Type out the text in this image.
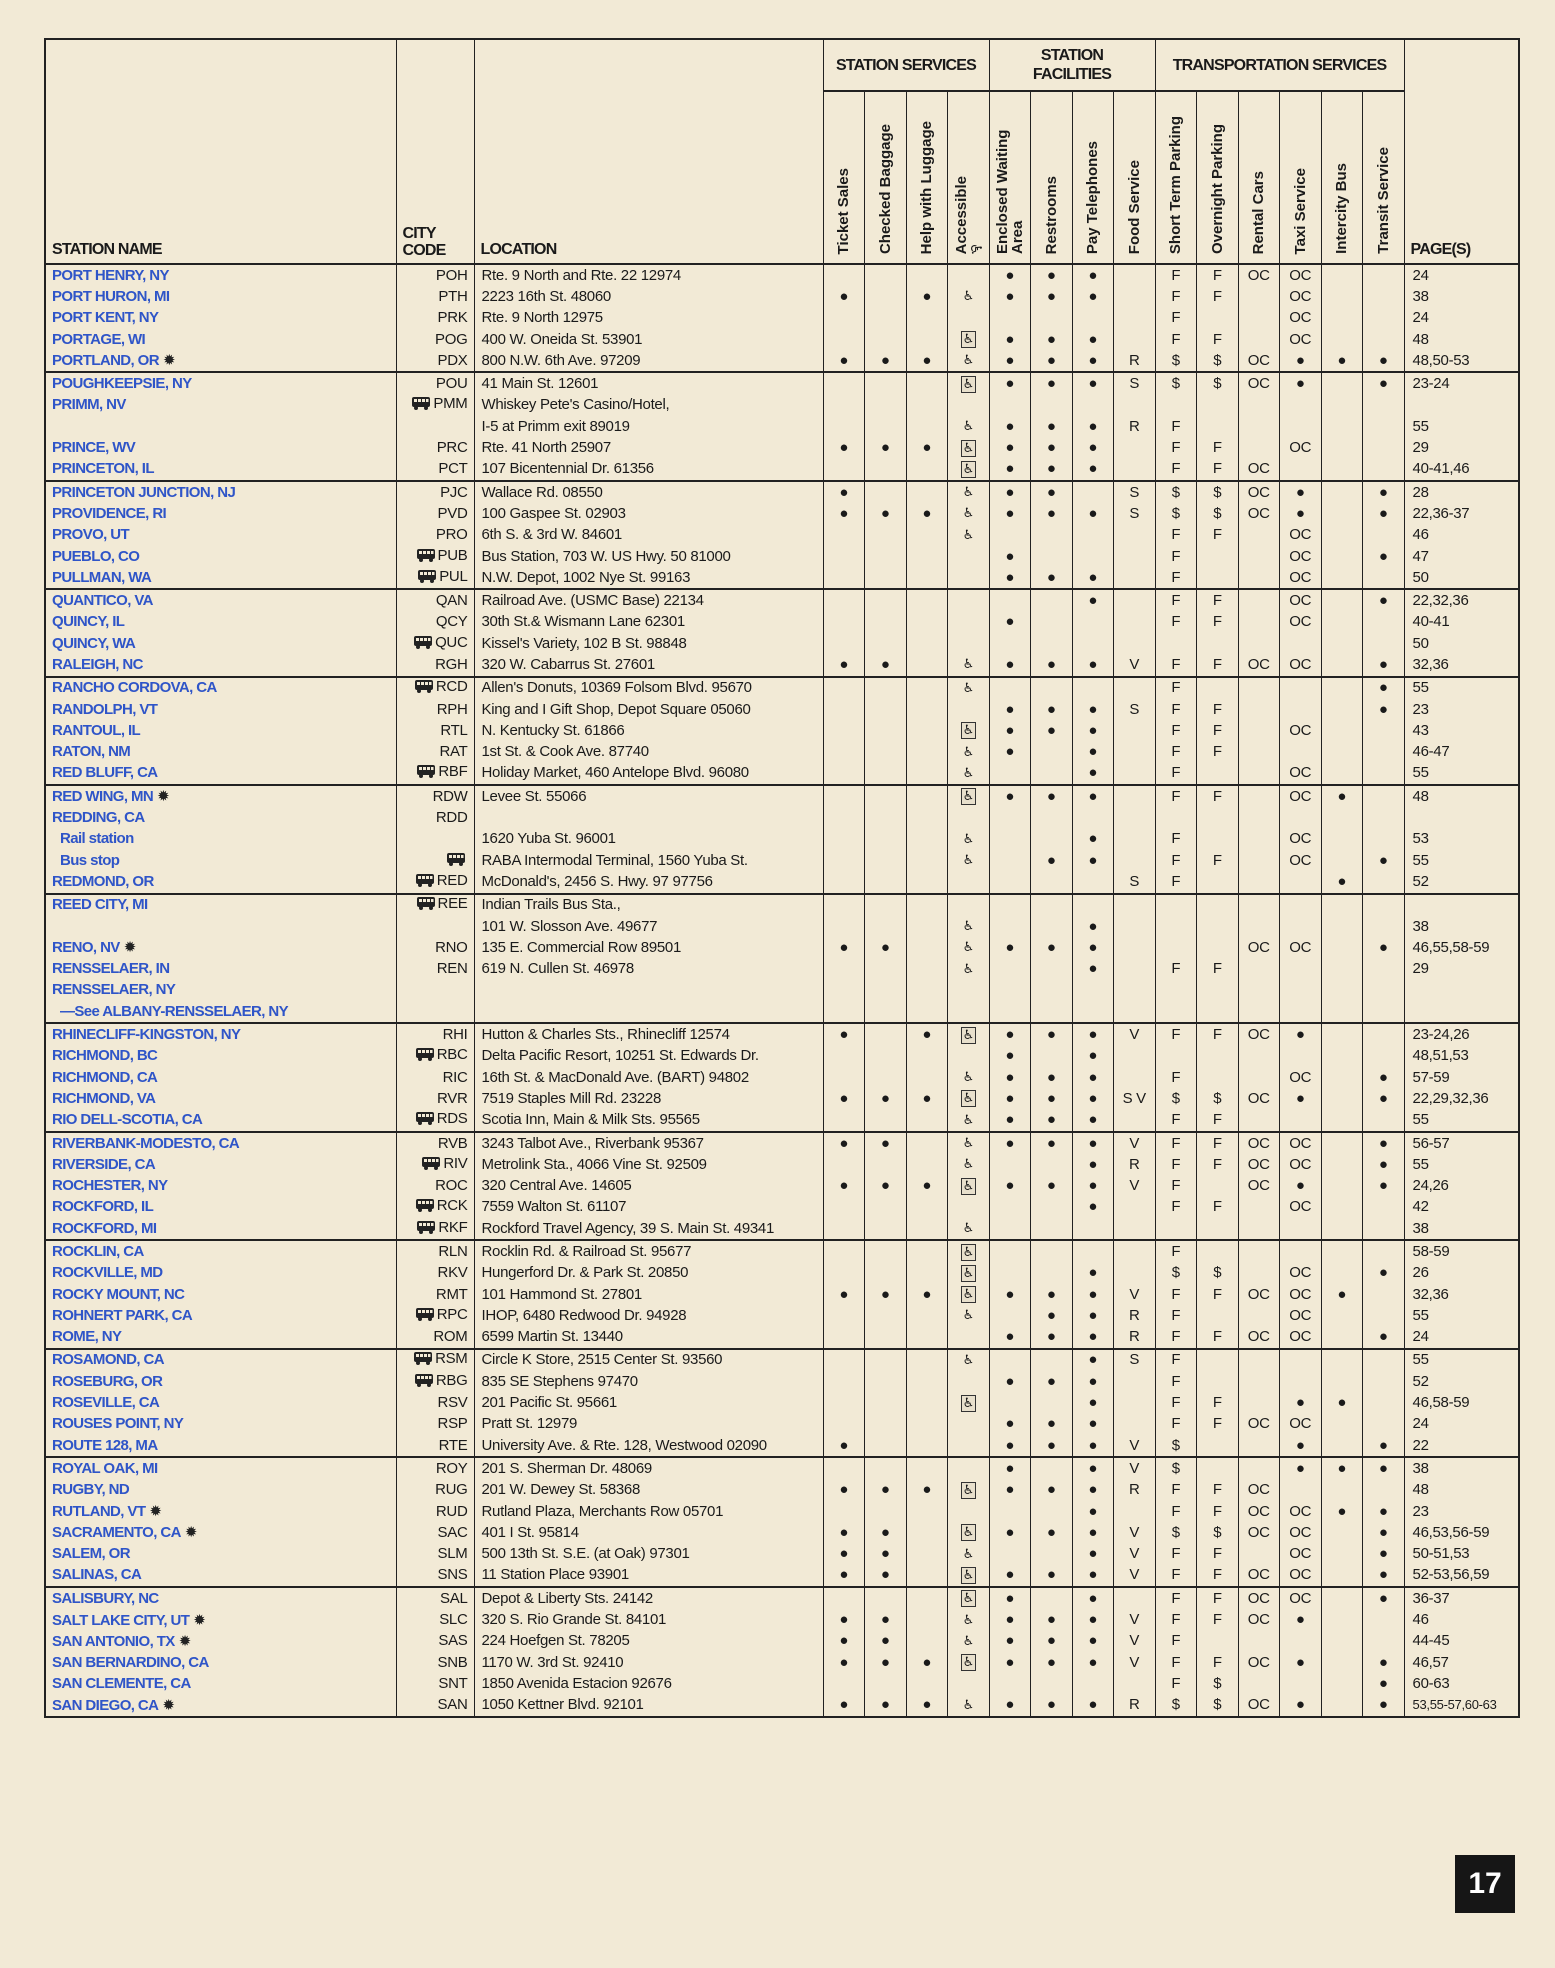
STATION NAME	CITY CODE	LOCATION	STATION SERVICES				STATION FACILITIES				TRANSPORTATION SERVICES						PAGE(S)
			Ticket Sales	Checked Baggage	Help with Luggage	Accessible♿	Enclosed Waiting Area	Restrooms	Pay Telephones	Food Service	Short Term Parking	Overnight Parking	Rental Cars	Taxi Service	Intercity Bus	Transit Service	
PORT HENRY, NY	POH	Rte. 9 North and Rte. 22 12974					●	●	●		F	F	OC	OC			24
PORT HURON, MI	PTH	2223 16th St. 48060	●		●	♿	●	●	●		F	F		OC			38
PORT KENT, NY	PRK	Rte. 9 North 12975									F			OC			24
PORTAGE, WI	POG	400 W. Oneida St. 53901				♿	●	●	●		F	F		OC			48
PORTLAND, OR ✹	PDX	800 N.W. 6th Ave. 97209	●	●	●	♿	●	●	●	R	$	$	OC	●	●	●	48,50-53
POUGHKEEPSIE, NY	POU	41 Main St. 12601				♿	●	●	●	S	$	$	OC	●		●	23-24
PRIMM, NV	PMM	Whiskey Pete's Casino/Hotel,															
		I-5 at Primm exit 89019				♿	●	●	●	R	F						55
PRINCE, WV	PRC	Rte. 41 North 25907	●	●	●	♿	●	●	●		F	F		OC			29
PRINCETON, IL	PCT	107 Bicentennial Dr. 61356				♿	●	●	●		F	F	OC				40-41,46
PRINCETON JUNCTION, NJ	PJC	Wallace Rd. 08550	●			♿	●	●		S	$	$	OC	●		●	28
PROVIDENCE, RI	PVD	100 Gaspee St. 02903	●	●	●	♿	●	●	●	S	$	$	OC	●		●	22,36-37
PROVO, UT	PRO	6th S. & 3rd W. 84601				♿					F	F		OC			46
PUEBLO, CO	PUB	Bus Station, 703 W. US Hwy. 50 81000					●				F			OC		●	47
PULLMAN, WA	PUL	N.W. Depot, 1002 Nye St. 99163					●	●	●		F			OC			50
QUANTICO, VA	QAN	Railroad Ave. (USMC Base) 22134							●		F	F		OC		●	22,32,36
QUINCY, IL	QCY	30th St.& Wismann Lane 62301					●				F	F		OC			40-41
QUINCY, WA	QUC	Kissel's Variety, 102 B St. 98848															50
RALEIGH, NC	RGH	320 W. Cabarrus St. 27601	●	●		♿	●	●	●	V	F	F	OC	OC		●	32,36
RANCHO CORDOVA, CA	RCD	Allen's Donuts, 10369 Folsom Blvd. 95670				♿					F					●	55
RANDOLPH, VT	RPH	King and I Gift Shop, Depot Square 05060					●	●	●	S	F	F				●	23
RANTOUL, IL	RTL	N. Kentucky St. 61866				♿	●	●	●		F	F		OC			43
RATON, NM	RAT	1st St. & Cook Ave. 87740				♿	●		●		F	F					46-47
RED BLUFF, CA	RBF	Holiday Market, 460 Antelope Blvd. 96080				♿			●		F			OC			55
RED WING, MN ✹	RDW	Levee St. 55066				♿	●	●	●		F	F		OC	●		48
REDDING, CA	RDD																
Rail station		1620 Yuba St. 96001				♿			●		F			OC			53
Bus stop		RABA Intermodal Terminal, 1560 Yuba St.				♿		●	●		F	F		OC		●	55
REDMOND, OR	RED	McDonald's, 2456 S. Hwy. 97 97756								S	F				●		52
REED CITY, MI	REE	Indian Trails Bus Sta.,															
		101 W. Slosson Ave. 49677				♿			●								38
RENO, NV ✹	RNO	135 E. Commercial Row 89501	●	●		♿	●	●	●				OC	OC		●	46,55,58-59
RENSSELAER, IN	REN	619 N. Cullen St. 46978				♿			●		F	F					29
RENSSELAER, NY																	
—See ALBANY-RENSSELAER, NY																	
RHINECLIFF-KINGSTON, NY	RHI	Hutton & Charles Sts., Rhinecliff 12574	●		●	♿	●	●	●	V	F	F	OC	●			23-24,26
RICHMOND, BC	RBC	Delta Pacific Resort, 10251 St. Edwards Dr.					●		●								48,51,53
RICHMOND, CA	RIC	16th St. & MacDonald Ave. (BART) 94802				♿	●	●	●		F			OC		●	57-59
RICHMOND, VA	RVR	7519 Staples Mill Rd. 23228	●	●	●	♿	●	●	●	S V	$	$	OC	●		●	22,29,32,36
RIO DELL-SCOTIA, CA	RDS	Scotia Inn, Main & Milk Sts. 95565				♿	●	●	●		F	F					55
RIVERBANK-MODESTO, CA	RVB	3243 Talbot Ave., Riverbank 95367	●	●		♿	●	●	●	V	F	F	OC	OC		●	56-57
RIVERSIDE, CA	RIV	Metrolink Sta., 4066 Vine St. 92509				♿			●	R	F	F	OC	OC		●	55
ROCHESTER, NY	ROC	320 Central Ave. 14605	●	●	●	♿	●	●	●	V	F		OC	●		●	24,26
ROCKFORD, IL	RCK	7559 Walton St. 61107							●		F	F		OC			42
ROCKFORD, MI	RKF	Rockford Travel Agency, 39 S. Main St. 49341				♿											38
ROCKLIN, CA	RLN	Rocklin Rd. & Railroad St. 95677				♿					F						58-59
ROCKVILLE, MD	RKV	Hungerford Dr. & Park St. 20850				♿			●		$	$		OC		●	26
ROCKY MOUNT, NC	RMT	101 Hammond St. 27801	●	●	●	♿	●	●	●	V	F	F	OC	OC	●		32,36
ROHNERT PARK, CA	RPC	IHOP, 6480 Redwood Dr. 94928				♿		●	●	R	F			OC			55
ROME, NY	ROM	6599 Martin St. 13440					●	●	●	R	F	F	OC	OC		●	24
ROSAMOND, CA	RSM	Circle K Store, 2515 Center St. 93560				♿			●	S	F						55
ROSEBURG, OR	RBG	835 SE Stephens 97470					●	●	●		F						52
ROSEVILLE, CA	RSV	201 Pacific St. 95661				♿			●		F	F		●	●		46,58-59
ROUSES POINT, NY	RSP	Pratt St. 12979					●	●	●		F	F	OC	OC			24
ROUTE 128, MA	RTE	University Ave. & Rte. 128, Westwood 02090	●				●	●	●	V	$			●		●	22
ROYAL OAK, MI	ROY	201 S. Sherman Dr. 48069					●		●	V	$			●	●	●	38
RUGBY, ND	RUG	201 W. Dewey St. 58368	●	●	●	♿	●	●	●	R	F	F	OC				48
RUTLAND, VT ✹	RUD	Rutland Plaza, Merchants Row 05701							●		F	F	OC	OC	●	●	23
SACRAMENTO, CA ✹	SAC	401 I St. 95814	●	●		♿	●	●	●	V	$	$	OC	OC		●	46,53,56-59
SALEM, OR	SLM	500 13th St. S.E. (at Oak) 97301	●	●		♿			●	V	F	F		OC		●	50-51,53
SALINAS, CA	SNS	11 Station Place 93901	●	●		♿	●	●	●	V	F	F	OC	OC		●	52-53,56,59
SALISBURY, NC	SAL	Depot & Liberty Sts. 24142				♿	●		●		F	F	OC	OC		●	36-37
SALT LAKE CITY, UT ✹	SLC	320 S. Rio Grande St. 84101	●	●		♿	●	●	●	V	F	F	OC	●			46
SAN ANTONIO, TX ✹	SAS	224 Hoefgen St. 78205	●	●		♿	●	●	●	V	F						44-45
SAN BERNARDINO, CA	SNB	1170 W. 3rd St. 92410	●	●	●	♿	●	●	●	V	F	F	OC	●		●	46,57
SAN CLEMENTE, CA	SNT	1850 Avenida Estacion 92676									F	$				●	60-63
SAN DIEGO, CA ✹	SAN	1050 Kettner Blvd. 92101	●	●	●	♿	●	●	●	R	$	$	OC	●		●	53,55-57,60-63
17
